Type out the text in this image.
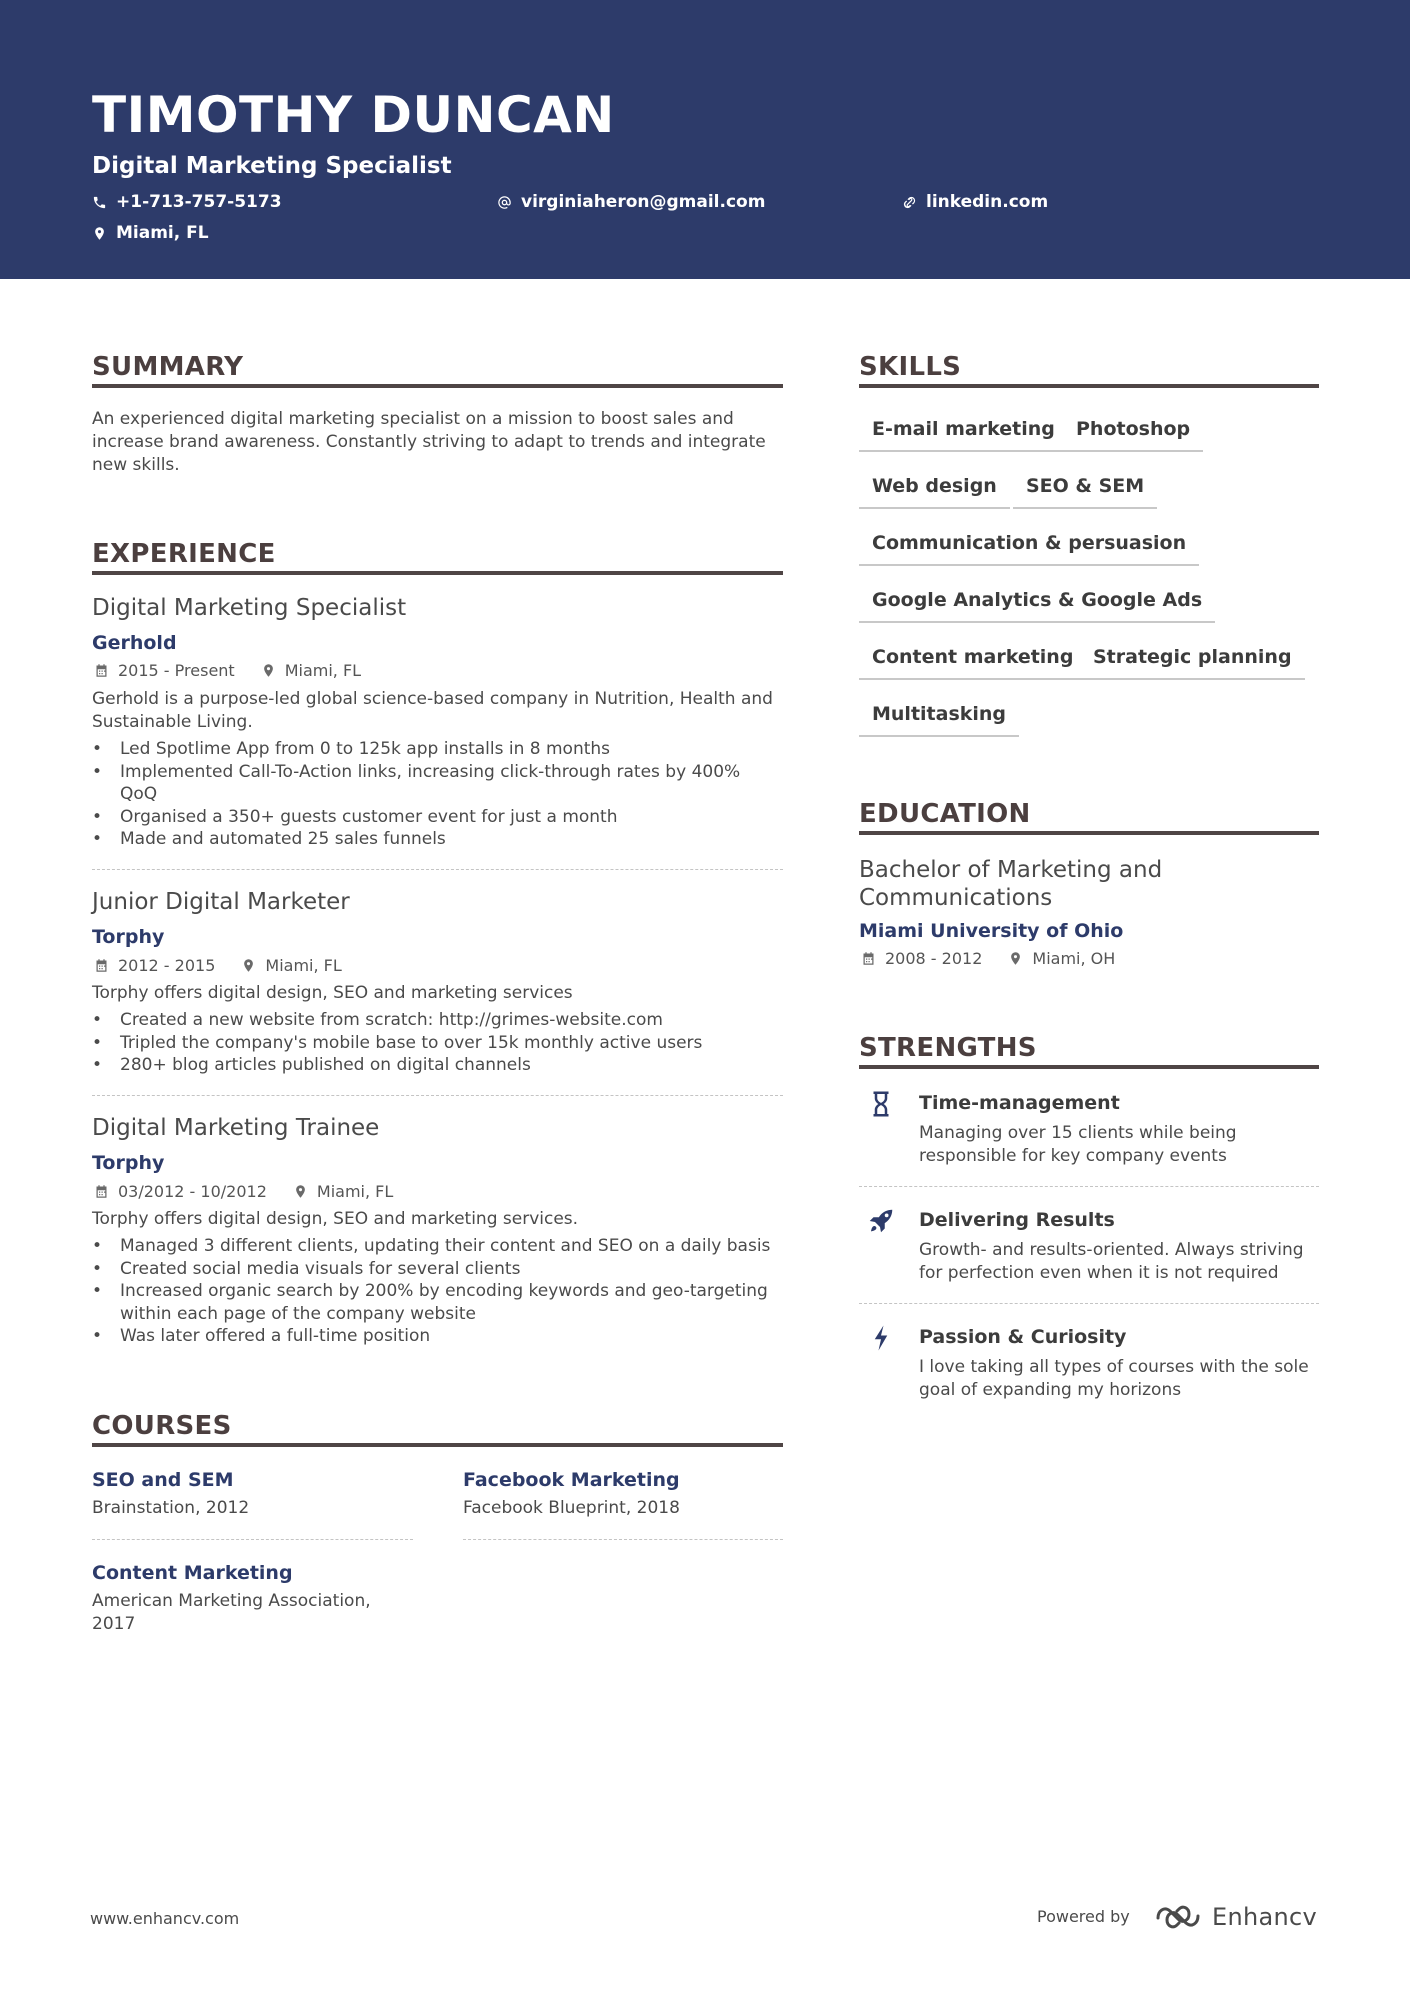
TIMOTHY DUNCAN
Digital Marketing Specialist
+1-713-757-5173	virginiaheron@gmail.com	linkedin.com
Miami, FL
SUMMARY
An experienced digital marketing specialist on a mission to boost sales and
increase brand awareness. Constantly striving to adapt to trends and integrate
new skills.
EXPERIENCE
Digital Marketing Specialist
Gerhold
2015 - Present	Miami, FL
Gerhold is a purpose-led global science-based company in Nutrition, Health and
Sustainable Living.
• Led Spotlime App from 0 to 125k app installs in 8 months
• Implemented Call-To-Action links, increasing click-through rates by 400%
QoQ
• Organised a 350+ guests customer event for just a month
• Made and automated 25 sales funnels
Junior Digital Marketer
Torphy
2012 - 2015	Miami, FL
Torphy offers digital design, SEO and marketing services
• Created a new website from scratch: http://grimes-website.com
• Tripled the company's mobile base to over 15k monthly active users
• 280+ blog articles published on digital channels
Digital Marketing Trainee
Torphy
03/2012 - 10/2012	Miami, FL
Torphy offers digital design, SEO and marketing services.
• Managed 3 different clients, updating their content and SEO on a daily basis
• Created social media visuals for several clients
• Increased organic search by 200% by encoding keywords and geo-targeting
within each page of the company website
• Was later offered a full-time position
COURSES
SEO and SEM
Brainstation, 2012
Facebook Marketing
Facebook Blueprint, 2018
Content Marketing
American Marketing Association,
2017
SKILLS
E-mail marketing	Photoshop
Web design	SEO & SEM
Communication & persuasion
Google Analytics & Google Ads
Content marketing	Strategic planning
Multitasking
EDUCATION
Bachelor of Marketing and
Communications
Miami University of Ohio
2008 - 2012	Miami, OH
STRENGTHS
Time-management
Managing over 15 clients while being
responsible for key company events
Delivering Results
Growth- and results-oriented. Always striving
for perfection even when it is not required
Passion & Curiosity
I love taking all types of courses with the sole
goal of expanding my horizons
www.enhancv.com	Powered by	Enhancv
